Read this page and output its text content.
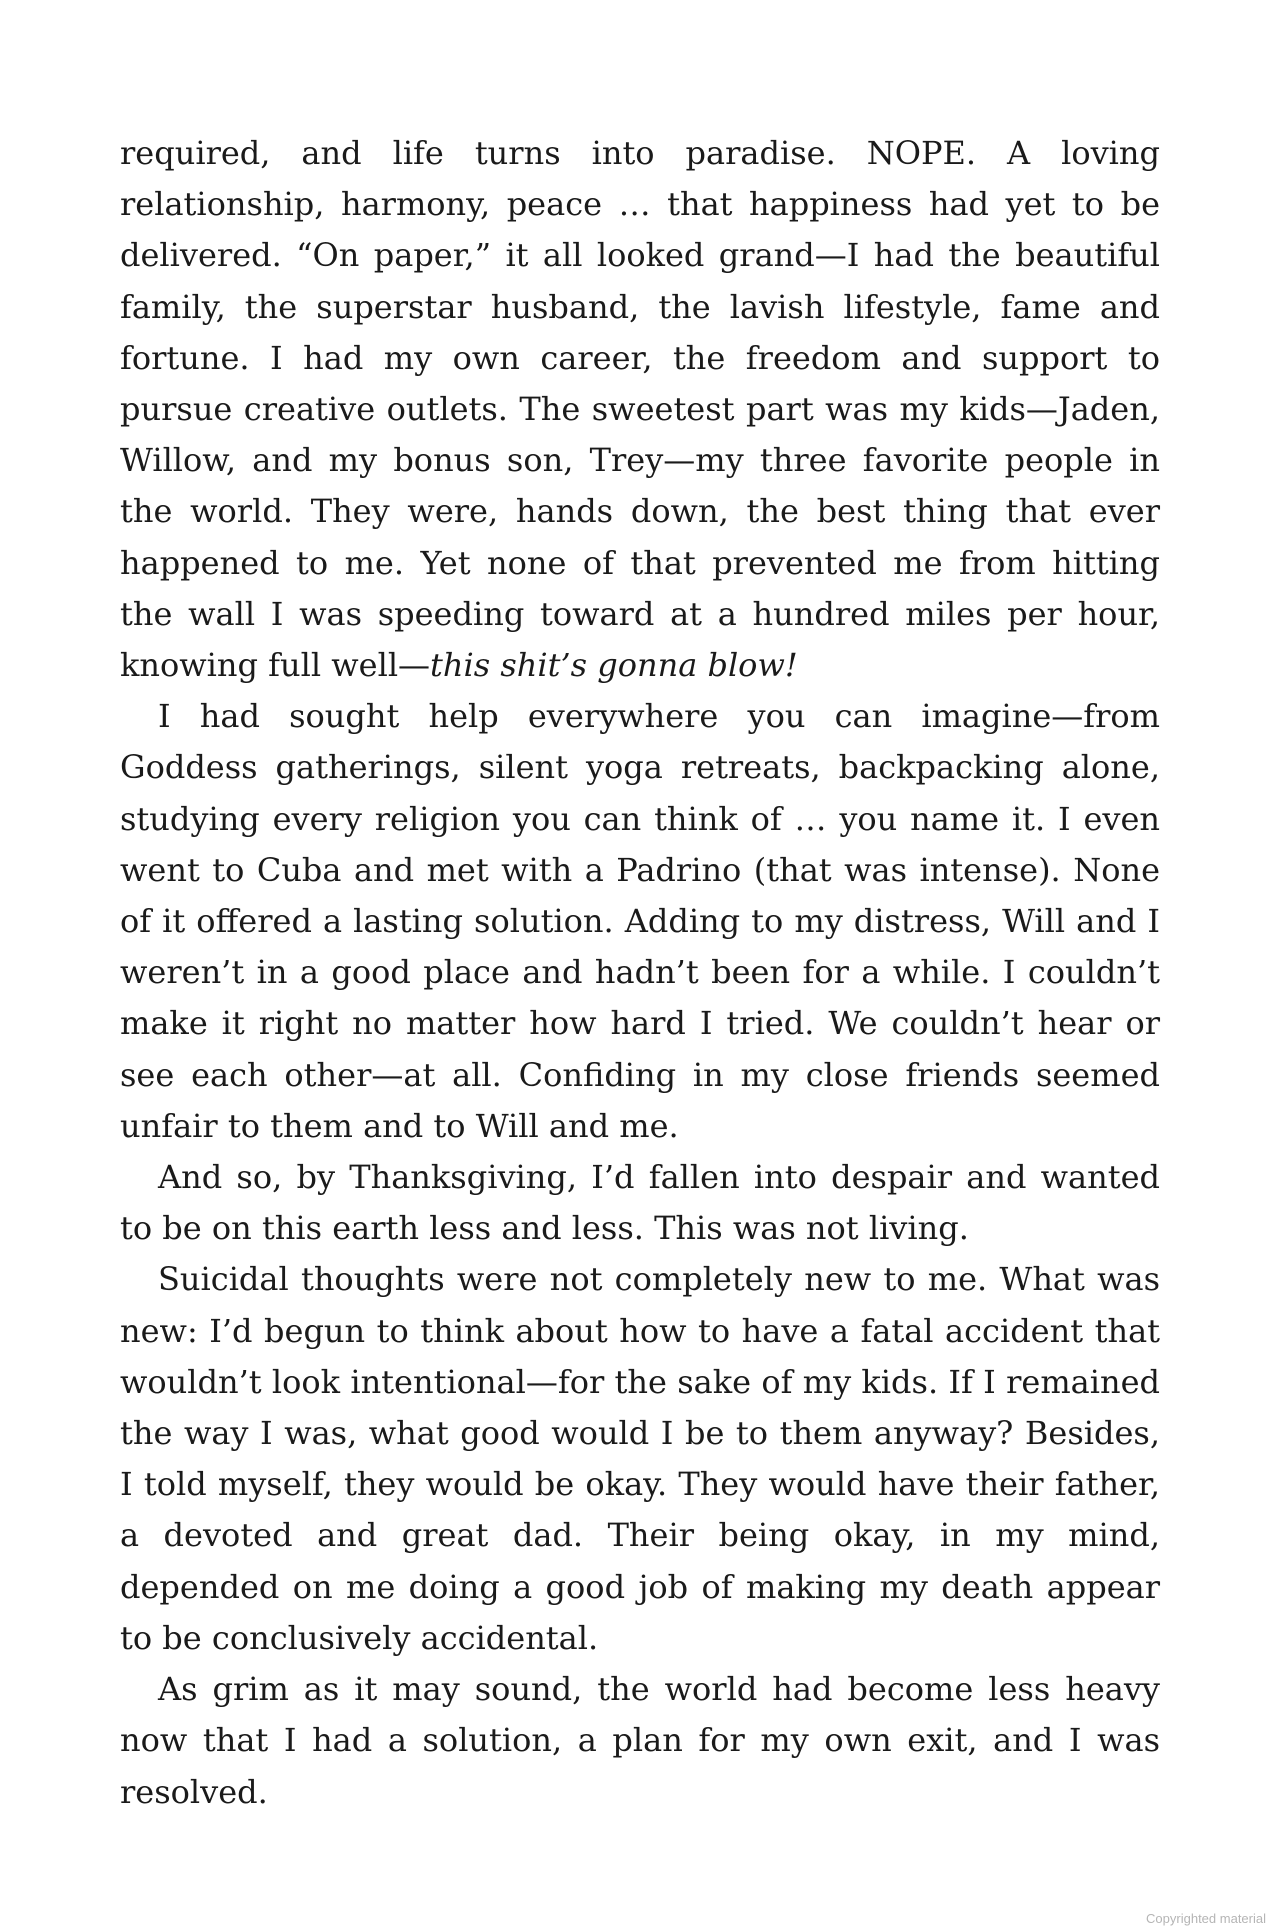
required, and life turns into paradise. NOPE. A loving relationship, harmony, peace … that happiness had yet to be delivered. “On paper,” it all looked grand—I had the beautiful family, the superstar husband, the lavish lifestyle, fame and fortune. I had my own career, the freedom and support to pursue creative outlets. The sweetest part was my kids—Jaden, Willow, and my bonus son, Trey—my three favorite people in the world. They were, hands down, the best thing that ever happened to me. Yet none of that prevented me from hitting the wall I was speeding toward at a hundred miles per hour, knowing full well—this shit’s gonna blow!

I had sought help everywhere you can imagine—from Goddess gatherings, silent yoga retreats, backpacking alone, studying every religion you can think of … you name it. I even went to Cuba and met with a Padrino (that was intense). None of it offered a lasting solution. Adding to my distress, Will and I weren’t in a good place and hadn’t been for a while. I couldn’t make it right no matter how hard I tried. We couldn’t hear or see each other—at all. Confiding in my close friends seemed unfair to them and to Will and me.

And so, by Thanksgiving, I’d fallen into despair and wanted to be on this earth less and less. This was not living.

Suicidal thoughts were not completely new to me. What was new: I’d begun to think about how to have a fatal accident that wouldn’t look intentional—for the sake of my kids. If I remained the way I was, what good would I be to them anyway? Besides, I told myself, they would be okay. They would have their father, a devoted and great dad. Their being okay, in my mind, depended on me doing a good job of making my death appear to be conclusively accidental.

As grim as it may sound, the world had become less heavy now that I had a solution, a plan for my own exit, and I was resolved.

Copyrighted material
